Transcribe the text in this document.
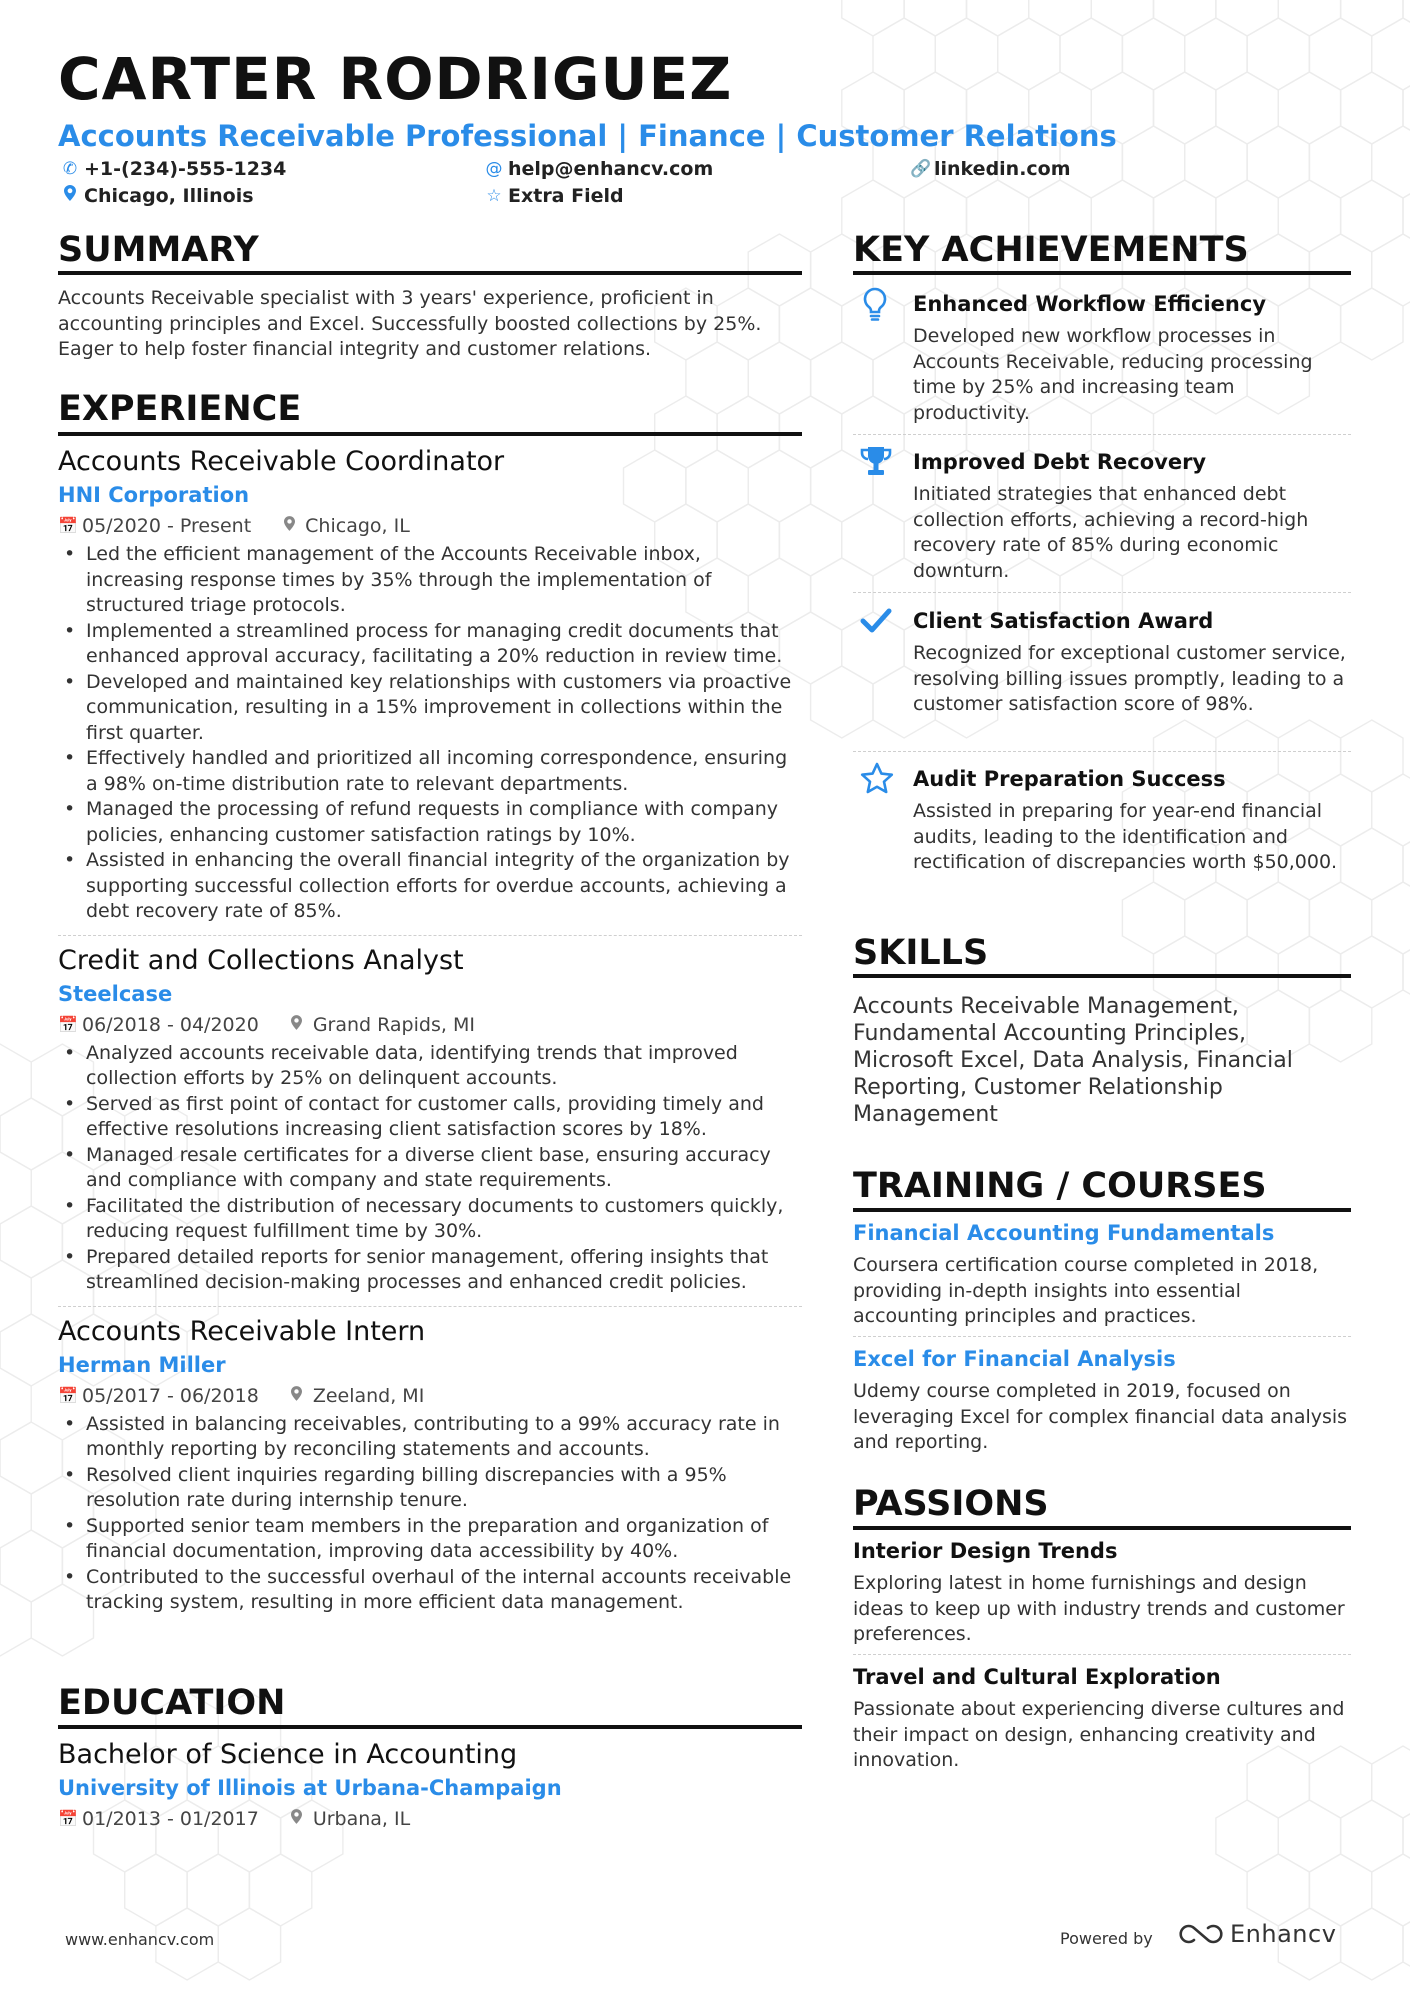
CARTER RODRIGUEZ
Accounts Receivable Professional | Finance | Customer Relations
✆ +1-(234)-555-1234	@ help@enhancv.com	🔗 linkedin.com
Chicago, Illinois	☆ Extra Field
SUMMARY
Accounts Receivable specialist with 3 years' experience, proficient in accounting principles and Excel. Successfully boosted collections by 25%. Eager to help foster financial integrity and customer relations.
EXPERIENCE
Accounts Receivable Coordinator
HNI Corporation
📅 05/2020 - Present	Chicago, IL
• Led the efficient management of the Accounts Receivable inbox, increasing response times by 35% through the implementation of structured triage protocols.
• Implemented a streamlined process for managing credit documents that enhanced approval accuracy, facilitating a 20% reduction in review time.
• Developed and maintained key relationships with customers via proactive communication, resulting in a 15% improvement in collections within the first quarter.
• Effectively handled and prioritized all incoming correspondence, ensuring a 98% on-time distribution rate to relevant departments.
• Managed the processing of refund requests in compliance with company policies, enhancing customer satisfaction ratings by 10%.
• Assisted in enhancing the overall financial integrity of the organization by supporting successful collection efforts for overdue accounts, achieving a debt recovery rate of 85%.
Credit and Collections Analyst
Steelcase
📅 06/2018 - 04/2020	Grand Rapids, MI
• Analyzed accounts receivable data, identifying trends that improved collection efforts by 25% on delinquent accounts.
• Served as first point of contact for customer calls, providing timely and effective resolutions increasing client satisfaction scores by 18%.
• Managed resale certificates for a diverse client base, ensuring accuracy and compliance with company and state requirements.
• Facilitated the distribution of necessary documents to customers quickly, reducing request fulfillment time by 30%.
• Prepared detailed reports for senior management, offering insights that streamlined decision-making processes and enhanced credit policies.
Accounts Receivable Intern
Herman Miller
📅 05/2017 - 06/2018	Zeeland, MI
• Assisted in balancing receivables, contributing to a 99% accuracy rate in monthly reporting by reconciling statements and accounts.
• Resolved client inquiries regarding billing discrepancies with a 95% resolution rate during internship tenure.
• Supported senior team members in the preparation and organization of financial documentation, improving data accessibility by 40%.
• Contributed to the successful overhaul of the internal accounts receivable tracking system, resulting in more efficient data management.
EDUCATION
Bachelor of Science in Accounting
University of Illinois at Urbana-Champaign
📅 01/2013 - 01/2017	Urbana, IL
KEY ACHIEVEMENTS
Enhanced Workflow Efficiency
Developed new workflow processes in Accounts Receivable, reducing processing time by 25% and increasing team productivity.
Improved Debt Recovery
Initiated strategies that enhanced debt collection efforts, achieving a record-high recovery rate of 85% during economic downturn.
Client Satisfaction Award
Recognized for exceptional customer service, resolving billing issues promptly, leading to a customer satisfaction score of 98%.
Audit Preparation Success
Assisted in preparing for year-end financial audits, leading to the identification and rectification of discrepancies worth $50,000.
SKILLS
Accounts Receivable Management, Fundamental Accounting Principles, Microsoft Excel, Data Analysis, Financial Reporting, Customer Relationship Management
TRAINING / COURSES
Financial Accounting Fundamentals
Coursera certification course completed in 2018, providing in-depth insights into essential accounting principles and practices.
Excel for Financial Analysis
Udemy course completed in 2019, focused on leveraging Excel for complex financial data analysis and reporting.
PASSIONS
Interior Design Trends
Exploring latest in home furnishings and design ideas to keep up with industry trends and customer preferences.
Travel and Cultural Exploration
Passionate about experiencing diverse cultures and their impact on design, enhancing creativity and innovation.
www.enhancv.com	Powered by	Enhancv
